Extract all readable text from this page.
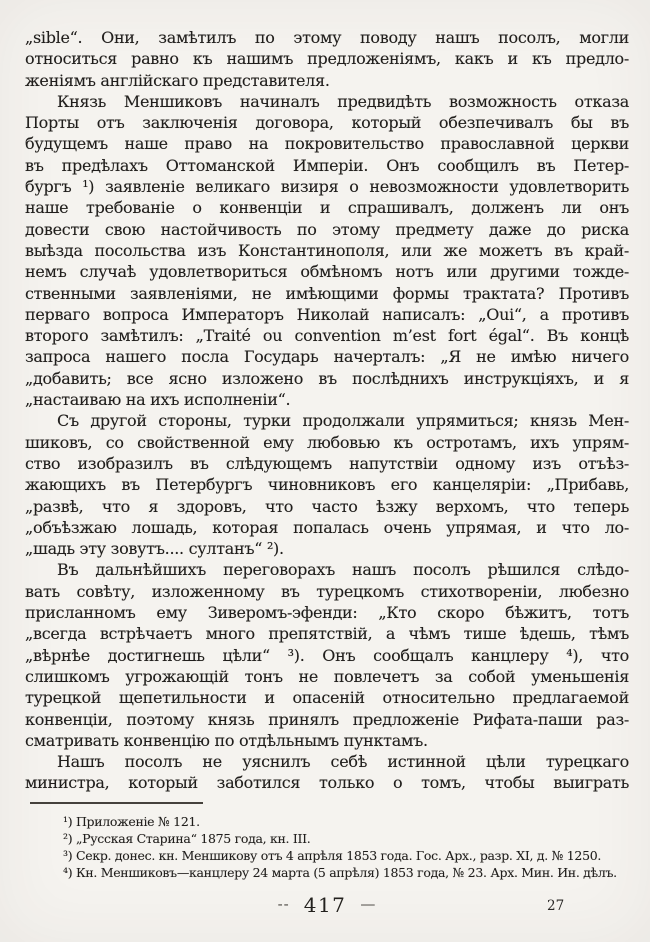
„sible“. Они, замѣтилъ по этому поводу нашъ посолъ, могли
относиться равно къ нашимъ предложеніямъ, какъ и къ предло-
женіямъ англійскаго представителя.
Князь Меншиковъ начиналъ предвидѣть возможность отказа
Порты отъ заключенія договора, который обезпечивалъ бы въ
будущемъ наше право на покровительство православной церкви
въ предѣлахъ Оттоманской Имперіи. Онъ сообщилъ въ Петер-
бургъ ¹) заявленіе великаго визиря о невозможности удовлетворить
наше требованіе о конвенціи и спрашивалъ, долженъ ли онъ
довести свою настойчивость по этому предмету даже до риска
выѣзда посольства изъ Константинополя, или же можетъ въ край-
немъ случаѣ удовлетвориться обмѣномъ нотъ или другими тожде-
ственными заявленіями, не имѣющими формы трактата? Противъ
перваго вопроса Императоръ Николай написалъ: „Oui“, а противъ
второго замѣтилъ: „Traité ou convention m’est fort égal“. Въ концѣ
запроса нашего посла Государь начерталъ: „Я не имѣю ничего
„добавить; все ясно изложено въ послѣднихъ инструкціяхъ, и я
„настаиваю на ихъ исполненіи“.
Съ другой стороны, турки продолжали упрямиться; князь Мен-
шиковъ, со свойственной ему любовью къ остротамъ, ихъ упрям-
ство изобразилъ въ слѣдующемъ напутствіи одному изъ отъѣз-
жающихъ въ Петербургъ чиновниковъ его канцеляріи: „Прибавь,
„развѣ, что я здоровъ, что часто ѣзжу верхомъ, что теперь
„объѣзжаю лошадь, которая попалась очень упрямая, и что ло-
„шадь эту зовутъ.... султанъ“ ²).
Въ дальнѣйшихъ переговорахъ нашъ посолъ рѣшился слѣдо-
вать совѣту, изложенному въ турецкомъ стихотвореніи, любезно
присланномъ ему Зиверомъ-эфенди: „Кто скоро бѣжитъ, тотъ
„всегда встрѣчаетъ много препятствій, а чѣмъ тише ѣдешь, тѣмъ
„вѣрнѣе достигнешь цѣли“ ³). Онъ сообщалъ канцлеру ⁴), что
слишкомъ угрожающій тонъ не повлечетъ за собой уменьшенія
турецкой щепетильности и опасеній относительно предлагаемой
конвенціи, поэтому князь принялъ предложеніе Рифата-паши раз-
сматривать конвенцію по отдѣльнымъ пунктамъ.
Нашъ посолъ не уяснилъ себѣ истинной цѣли турецкаго
министра, который заботился только о томъ, чтобы выиграть
¹) Приложеніе № 121.
²) „Русская Старина“ 1875 года, кн. III.
³) Секр. донес. кн. Меншикову отъ 4 апрѣля 1853 года. Гос. Арх., разр. XI, д. № 1250.
⁴) Кн. Меншиковъ—канцлеру 24 марта (5 апрѣля) 1853 года, № 23. Арх. Мин. Ин. дѣлъ.
-- 417 —	27
